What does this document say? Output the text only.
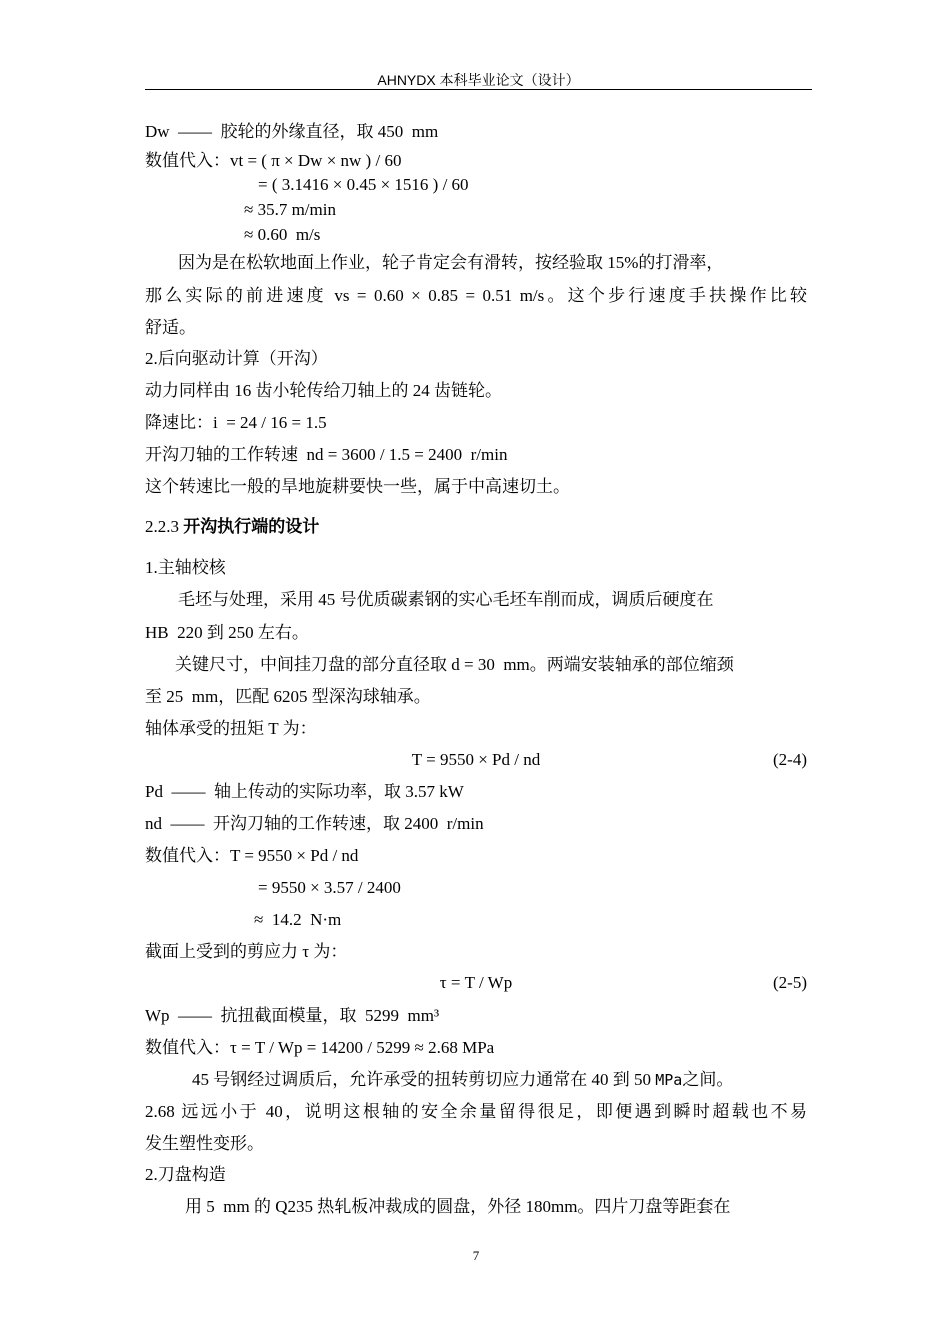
AHNYDX 本科毕业论文（设计）
Dw  ——  胶轮的外缘直径，取 450  mm
数值代入：vt = ( π × Dw × nw ) / 60
= ( 3.1416 × 0.45 × 1516 ) / 60
≈ 35.7 m/min
≈ 0.60  m/s
因为是在松软地面上作业，轮子肯定会有滑转，按经验取 15%的打滑率，
那么实际的前进速度 vs = 0.60 × 0.85 = 0.51 m/s。这个步行速度手扶操作比较
舒适。
2.后向驱动计算（开沟）
动力同样由 16 齿小轮传给刀轴上的 24 齿链轮。
降速比：i  = 24 / 16 = 1.5
开沟刀轴的工作转速  nd = 3600 / 1.5 = 2400  r/min
这个转速比一般的旱地旋耕要快一些，属于中高速切土。
2.2.3 开沟执行端的设计
1.主轴校核
毛坯与处理，采用 45 号优质碳素钢的实心毛坯车削而成，调质后硬度在
HB  220 到 250 左右。
关键尺寸，中间挂刀盘的部分直径取 d = 30  mm。两端安装轴承的部位缩颈
至 25  mm，匹配 6205 型深沟球轴承。
轴体承受的扭矩 T 为：
T = 9550 × Pd / nd	(2-4)
Pd  ——  轴上传动的实际功率，取 3.57 kW
nd  ——  开沟刀轴的工作转速，取 2400  r/min
数值代入：T = 9550 × Pd / nd
= 9550 × 3.57 / 2400
≈  14.2  N·m
截面上受到的剪应力 τ 为：
τ = T / Wp	(2-5)
Wp  ——  抗扭截面模量，取  5299  mm³
数值代入：τ = T / Wp = 14200 / 5299 ≈ 2.68 MPa
45 号钢经过调质后，允许承受的扭转剪切应力通常在 40 到 50 MPa之间。
2.68 远远小于 40，说明这根轴的安全余量留得很足，即便遇到瞬时超载也不易
发生塑性变形。
2.刀盘构造
用 5  mm 的 Q235 热轧板冲裁成的圆盘，外径 180mm。四片刀盘等距套在
7
